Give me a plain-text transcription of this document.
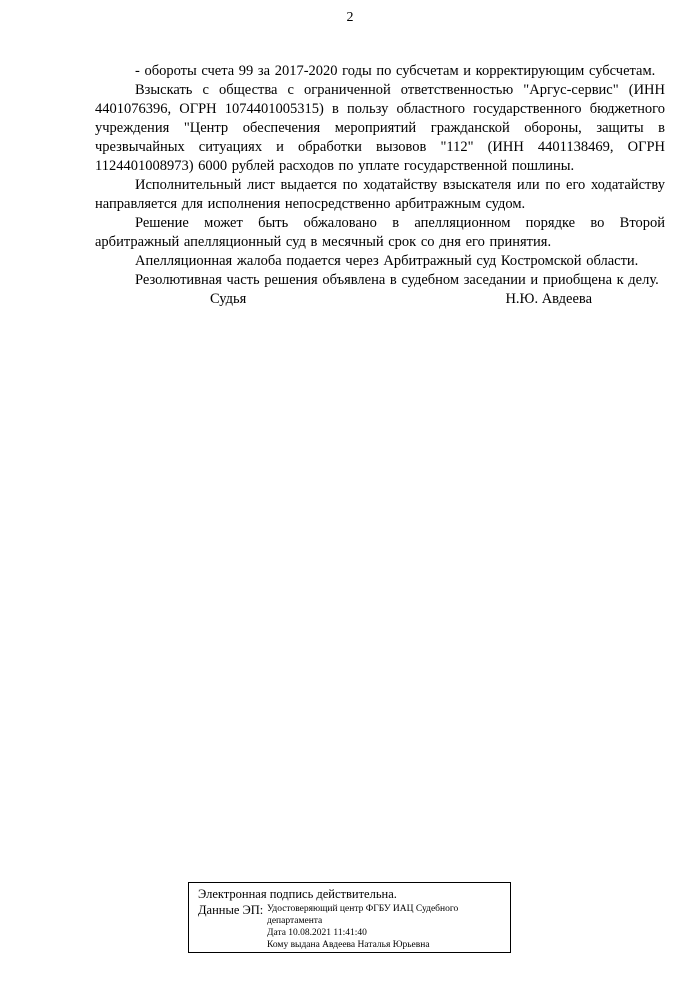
2

- обороты счета 99 за 2017-2020 годы по субсчетам и корректирующим субсчетам.

Взыскать с общества с ограниченной ответственностью "Аргус-сервис" (ИНН 4401076396, ОГРН 1074401005315) в пользу областного государственного бюджетного учреждения "Центр обеспечения мероприятий гражданской обороны, защиты в чрезвычайных ситуациях и обработки вызовов "112" (ИНН 4401138469, ОГРН 1124401008973) 6000 рублей расходов по уплате государственной пошлины.

Исполнительный лист выдается по ходатайству взыскателя или по его ходатайству направляется для исполнения непосредственно арбитражным судом.

Решение может быть обжаловано в апелляционном порядке во Второй арбитражный апелляционный суд в месячный срок со дня его принятия.

Апелляционная жалоба подается через Арбитражный суд Костромской области.

Резолютивная часть решения объявлена в судебном заседании и приобщена к делу.

Судья	Н.Ю. Авдеева
Электронная подпись действительна.
Данные ЭП: Удостоверяющий центр ФГБУ ИАЦ Судебного департамента
Дата 10.08.2021 11:41:40
Кому выдана Авдеева Наталья Юрьевна
